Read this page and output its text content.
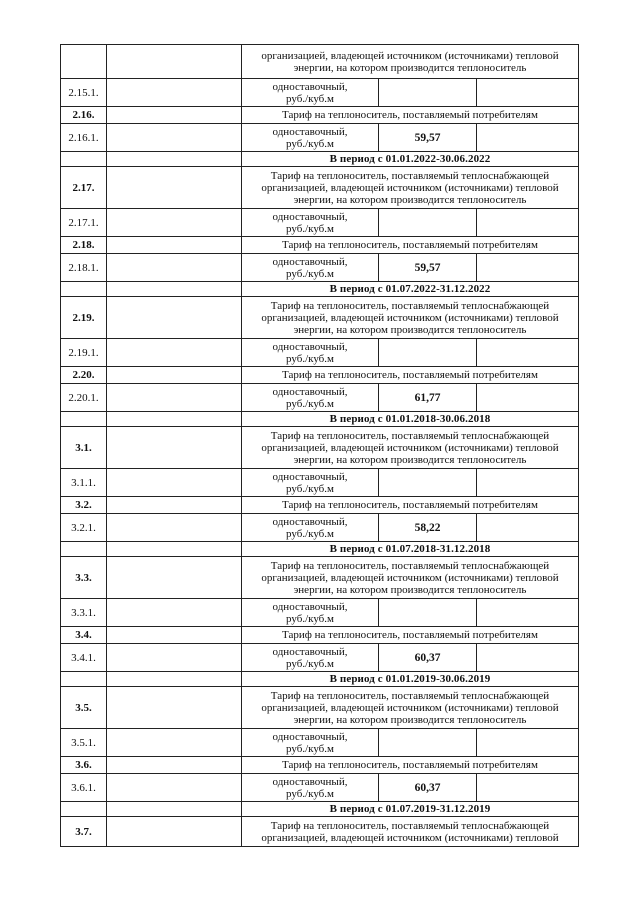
		организацией, владеющей источником (источниками) тепловой
энергии, на котором производится теплоноситель		

2.15.1.		одноставочный,
руб./куб.м		

2.16.		Тариф на теплоноситель, поставляемый потребителям		

2.16.1.		одноставочный,
руб./куб.м	59,57	
		В период с 01.01.2022-30.06.2022		
2.17.		Тариф на теплоноситель, поставляемый теплоснабжающей
организацией, владеющей источником (источниками) тепловой
энергии, на котором производится теплоноситель		

2.17.1.		одноставочный,
руб./куб.м		

2.18.		Тариф на теплоноситель, поставляемый потребителям		

2.18.1.		одноставочный,
руб./куб.м	59,57	
		В период с 01.07.2022-31.12.2022		
2.19.		Тариф на теплоноситель, поставляемый теплоснабжающей
организацией, владеющей источником (источниками) тепловой
энергии, на котором производится теплоноситель		

2.19.1.		одноставочный,
руб./куб.м		

2.20.		Тариф на теплоноситель, поставляемый потребителям		

2.20.1.		одноставочный,
руб./куб.м	61,77	
		В период с 01.01.2018-30.06.2018		
3.1.		Тариф на теплоноситель, поставляемый теплоснабжающей
организацией, владеющей источником (источниками) тепловой
энергии, на котором производится теплоноситель		

3.1.1.		одноставочный,
руб./куб.м		

3.2.		Тариф на теплоноситель, поставляемый потребителям		

3.2.1.		одноставочный,
руб./куб.м	58,22	
		В период с 01.07.2018-31.12.2018		
3.3.		Тариф на теплоноситель, поставляемый теплоснабжающей
организацией, владеющей источником (источниками) тепловой
энергии, на котором производится теплоноситель		

3.3.1.		одноставочный,
руб./куб.м		

3.4.		Тариф на теплоноситель, поставляемый потребителям		

3.4.1.		одноставочный,
руб./куб.м	60,37	
		В период с 01.01.2019-30.06.2019		
3.5.		Тариф на теплоноситель, поставляемый теплоснабжающей
организацией, владеющей источником (источниками) тепловой
энергии, на котором производится теплоноситель		

3.5.1.		одноставочный,
руб./куб.м		

3.6.		Тариф на теплоноситель, поставляемый потребителям		

3.6.1.		одноставочный,
руб./куб.м	60,37	
		В период с 01.07.2019-31.12.2019		
3.7.		Тариф на теплоноситель, поставляемый теплоснабжающей
организацией, владеющей источником (источниками) тепловой		
